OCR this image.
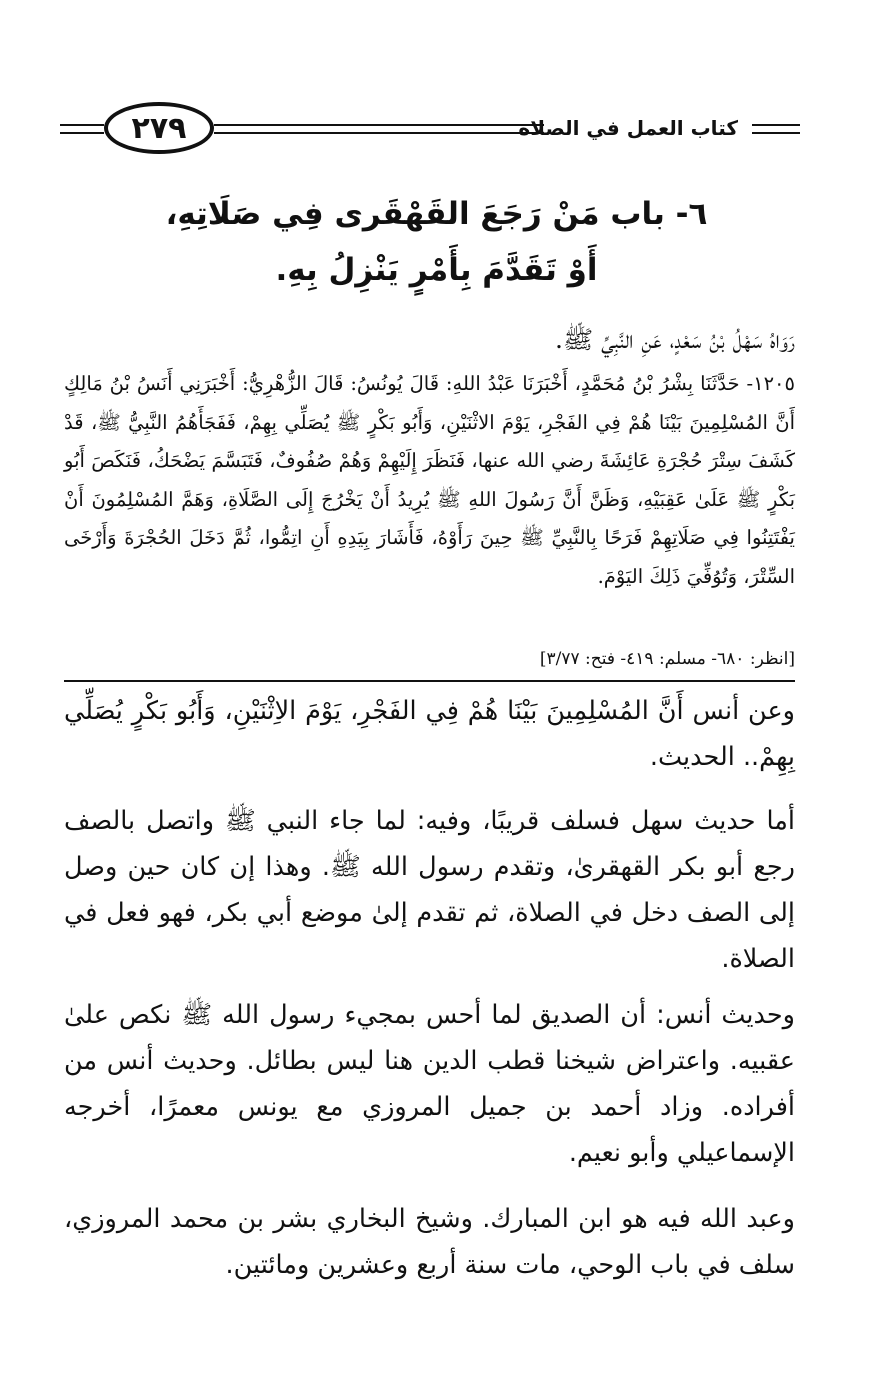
٢٧٩	كتاب العمل في الصلاة
٦- باب مَنْ رَجَعَ القَهْقَرى فِي صَلَاتِهِ،
أَوْ تَقَدَّمَ بِأَمْرٍ يَنْزِلُ بِهِ.
رَوَاهُ سَهْلُ بْنُ سَعْدٍ، عَنِ النَّبِيِّ ﷺ.
١٢٠٥- حَدَّثَنَا بِشْرُ بْنُ مُحَمَّدٍ، أَخْبَرَنَا عَبْدُ اللهِ: قَالَ يُونُسُ: قَالَ الزُّهْرِيُّ: أَخْبَرَنِي أَنَسُ بْنُ مَالِكٍ أَنَّ المُسْلِمِينَ بَيْنَا هُمْ فِي الفَجْرِ، يَوْمَ الاثْنَيْنِ، وَأَبُو بَكْرٍ ﷺ يُصَلِّي بِهِمْ، فَفَجَأَهُمُ النَّبِيُّ ﷺ، قَدْ كَشَفَ سِتْرَ حُجْرَةِ عَائِشَةَ رضي الله عنها، فَنَظَرَ إِلَيْهِمْ وَهُمْ صُفُوفٌ، فَتَبَسَّمَ يَضْحَكُ، فَنَكَصَ أَبُو بَكْرٍ ﷺ عَلَىٰ عَقِبَيْهِ، وَظَنَّ أَنَّ رَسُولَ اللهِ ﷺ يُرِيدُ أَنْ يَخْرُجَ إِلَى الصَّلَاةِ، وَهَمَّ المُسْلِمُونَ أَنْ يَفْتَتِنُوا فِي صَلَاتِهِمْ فَرَحًا بِالنَّبِيِّ ﷺ حِينَ رَأَوْهُ، فَأَشَارَ بِيَدِهِ أَنِ اتِمُّوا، ثُمَّ دَخَلَ الحُجْرَةَ وَأَرْخَى السِّتْرَ، وَتُوُفِّيَ ذَلِكَ اليَوْمَ.
[انظر: ٦٨٠- مسلم: ٤١٩- فتح: ٣/٧٧]
وعن أنس أَنَّ المُسْلِمِينَ بَيْنَا هُمْ فِي الفَجْرِ، يَوْمَ الاِثْنَيْنِ، وَأَبُو بَكْرٍ يُصَلِّي بِهِمْ.. الحديث.
أما حديث سهل فسلف قريبًا، وفيه: لما جاء النبي ﷺ واتصل بالصف رجع أبو بكر القهقرىٰ، وتقدم رسول الله ﷺ. وهذا إن كان حين وصل إلى الصف دخل في الصلاة، ثم تقدم إلىٰ موضع أبي بكر، فهو فعل في الصلاة.
وحديث أنس: أن الصديق لما أحس بمجيء رسول الله ﷺ نكص علىٰ عقبيه. واعتراض شيخنا قطب الدين هنا ليس بطائل. وحديث أنس من أفراده. وزاد أحمد بن جميل المروزي مع يونس معمرًا، أخرجه الإسماعيلي وأبو نعيم.
وعبد الله فيه هو ابن المبارك. وشيخ البخاري بشر بن محمد المروزي، سلف في باب الوحي، مات سنة أربع وعشرين ومائتين.
